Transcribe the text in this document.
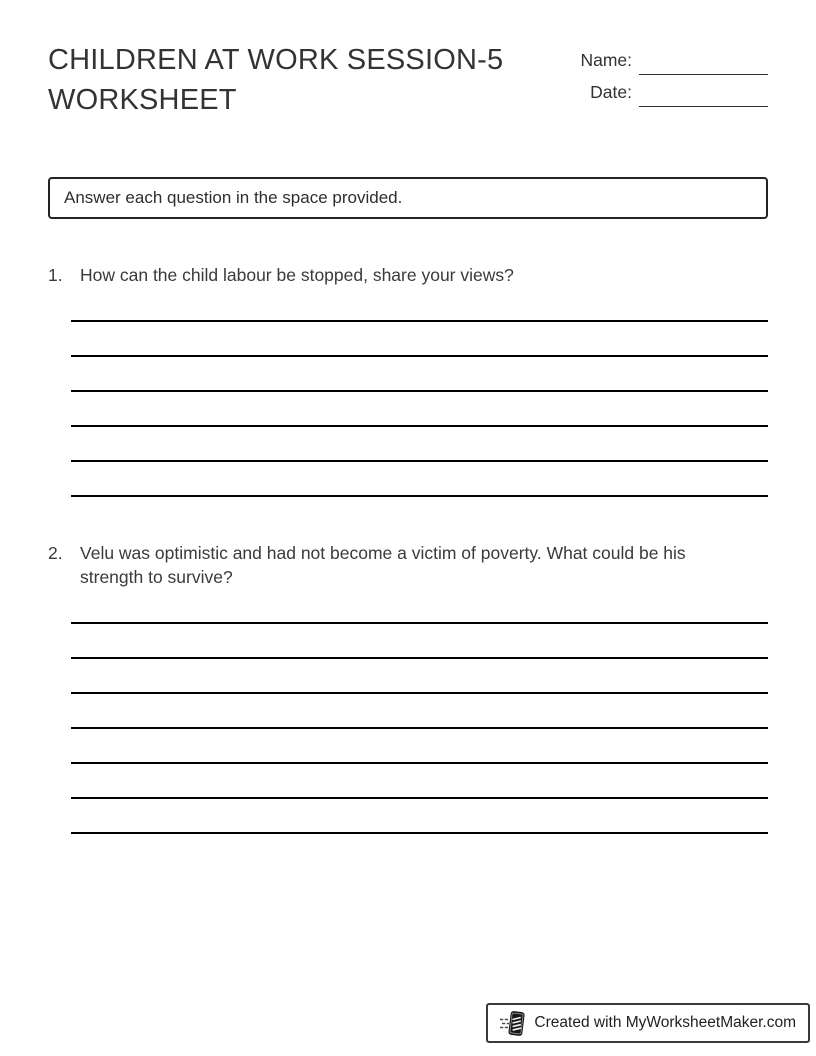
CHILDREN AT WORK SESSION-5 WORKSHEET
Name:
Date:
Answer each question in the space provided.
1. How can the child labour be stopped, share your views?
2. Velu was optimistic and had not become a victim of poverty. What could be his strength to survive?
Created with MyWorksheetMaker.com
